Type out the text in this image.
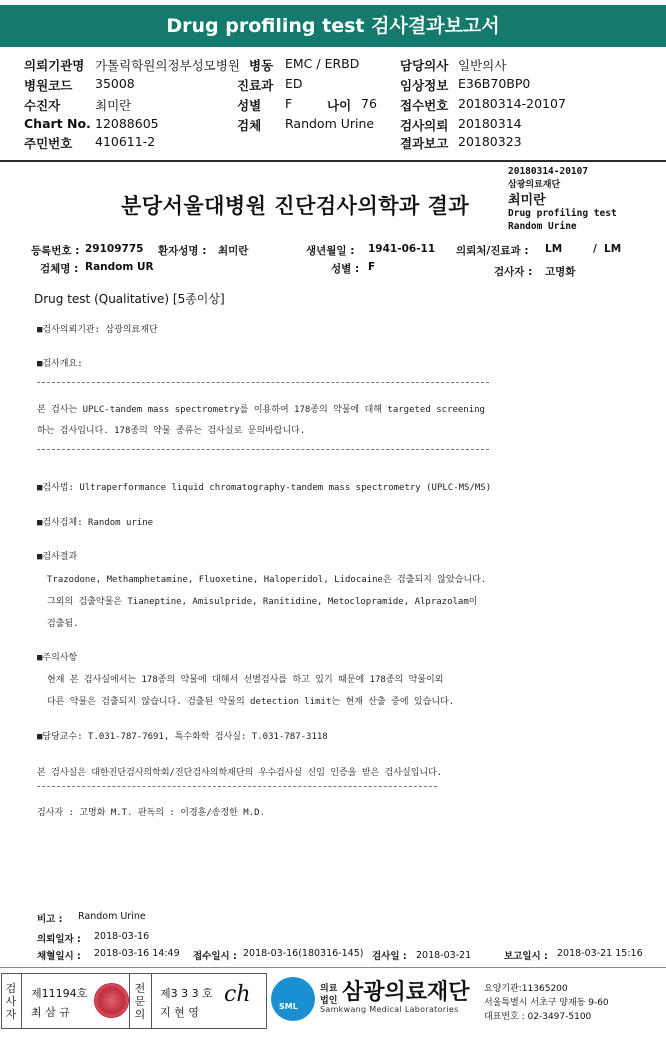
Drug profiling test 검사결과보고서
의뢰기관명 가톨릭학원의정부성모병원 병동 EMC / ERBD	담당의사 일반의사
병원코드 35008	진료과 ED	임상정보 E36B70BP0
수진자	최미란	성별 F	나이 76 접수번호 20180314-20107
Chart No. 12088605	검체 Random Urine 검사의뢰 20180314
주민번호 410611-2	결과보고 20180323
20180314-20107
삼광의료재단
최미란
Drug profiling test
Random Urine
분당서울대병원 진단검사의학과 결과
등록번호 : 29109775 환자성명 : 최미란	생년월일 : 1941-06-11 의뢰처/진료과 : LM	/ LM
검체명 : Random UR	성별 : F	검사자 : 고명화
Drug test (Qualitative) [5종이상]
■검사의뢰기관: 삼광의료재단
■검사개요:
본 검사는 UPLC-tandem mass spectrometry를 이용하여 178종의 약물에 대해 targeted screening
하는 검사입니다. 178종의 약물 종류는 검사실로 문의바랍니다.
■검사법: Ultraperformance liquid chromatography-tandem mass spectrometry (UPLC-MS/MS)
■검사검체: Random urine
■검사결과
Trazodone, Methamphetamine, Fluoxetine, Haloperidol, Lidocaine은 검출되지 않았습니다.
그외의 검출약물은 Tianeptine, Amisulpride, Ranitidine, Metoclopramide, Alprazolam이
검출됨.
■주의사항
현재 본 검사실에서는 178종의 약물에 대해서 선별검사를 하고 있기 때문에 178종의 약물이외
다른 약물은 검출되지 않습니다. 검출된 약물의 detection limit는 현재 산출 중에 있습니다.
■담당교수: T.031-787-7691, 특수화학 검사실: T.031-787-3118
본 검사실은 대한진단검사의학회/진단검사의학재단의 우수검사실 신임 인증을 받은 검사실입니다.
검사자 : 고명화 M.T. 판독의 : 이경훈/송정한 M.D.
비고 : Random Urine
의뢰일자 : 2018-03-16
채혈일시 : 2018-03-16 14:49 접수일시 : 2018-03-16(180316-145) 검사일 : 2018-03-21	보고일시 : 2018-03-21 15:16
검
사
자
제11194호
최 삼 규
전
문
의
제3 3 3 호
지 현 영
ch	SML
의료
법인 삼광의료재단
Samkwang Medical Laboratories
요양기관:11365200
서울특별시 서초구 양재동 9-60
대표번호 : 02-3497-5100
